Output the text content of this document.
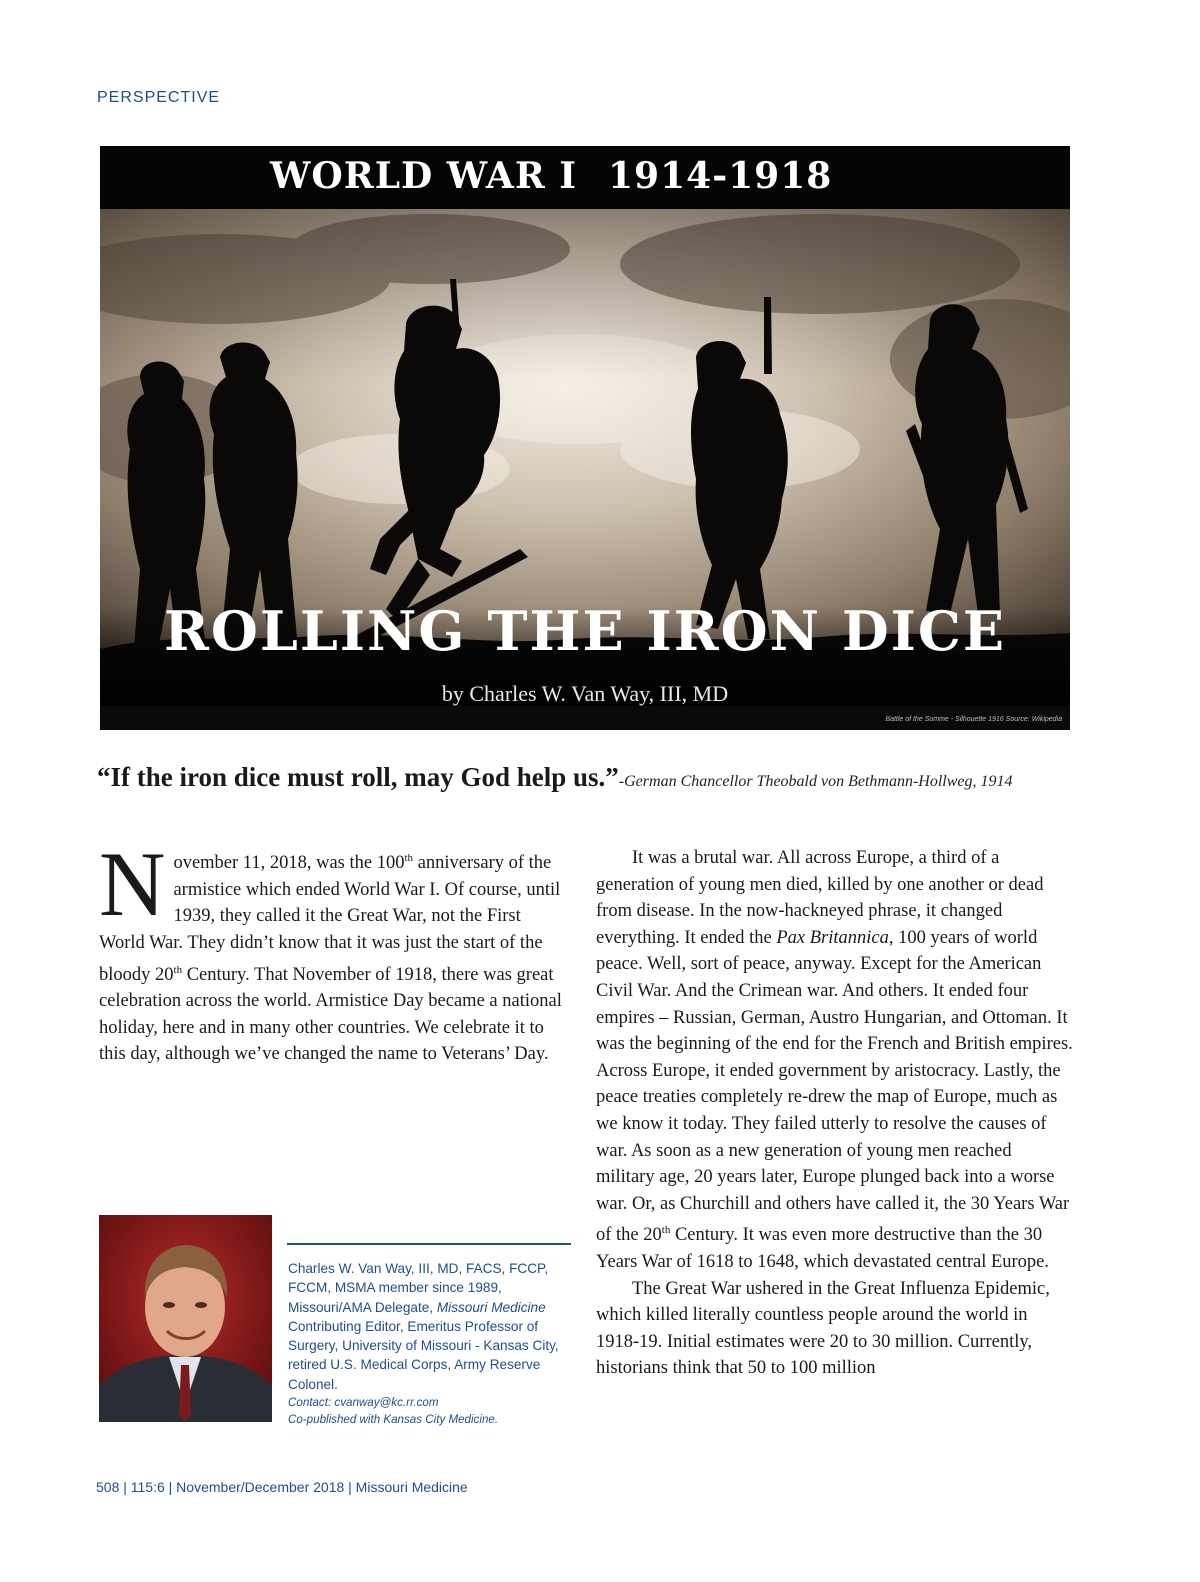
PERSPECTIVE
WORLD WAR I 1914-1918
ROLLING THE IRON DICE
by Charles W. Van Way, III, MD
Battle of the Somme - Silhouette 1916 Source: Wikipedia
“If the iron dice must roll, may God help us.”-German Chancellor Theobald von Bethmann-Hollweg, 1914

November 11, 2018, was the 100th anniversary of the armistice which ended World War I. Of course, until 1939, they called it the Great War, not the First World War. They didn’t know that it was just the start of the bloody 20th Century. That November of 1918, there was great celebration across the world. Armistice Day became a national holiday, here and in many other countries. We celebrate it to this day, although we’ve changed the name to Veterans’ Day.

It was a brutal war. All across Europe, a third of a generation of young men died, killed by one another or dead from disease. In the now-hackneyed phrase, it changed everything. It ended the Pax Britannica, 100 years of world peace. Well, sort of peace, anyway. Except for the American Civil War. And the Crimean war. And others. It ended four empires – Russian, German, Austro Hungarian, and Ottoman. It was the beginning of the end for the French and British empires. Across Europe, it ended government by aristocracy. Lastly, the peace treaties completely re-drew the map of Europe, much as we know it today. They failed utterly to resolve the causes of war. As soon as a new generation of young men reached military age, 20 years later, Europe plunged back into a worse war. Or, as Churchill and others have called it, the 30 Years War of the 20th Century. It was even more destructive than the 30 Years War of 1618 to 1648, which devastated central Europe.

The Great War ushered in the Great Influenza Epidemic, which killed literally countless people around the world in 1918-19. Initial estimates were 20 to 30 million. Currently, historians think that 50 to 100 million

Charles W. Van Way, III, MD, FACS, FCCP, FCCM, MSMA member since 1989, Missouri/AMA Delegate, Missouri Medicine Contributing Editor, Emeritus Professor of Surgery, University of Missouri - Kansas City, retired U.S. Medical Corps, Army Reserve Colonel.
Contact: cvanway@kc.rr.com
Co-published with Kansas City Medicine.
508 | 115:6 | November/December 2018 | Missouri Medicine
